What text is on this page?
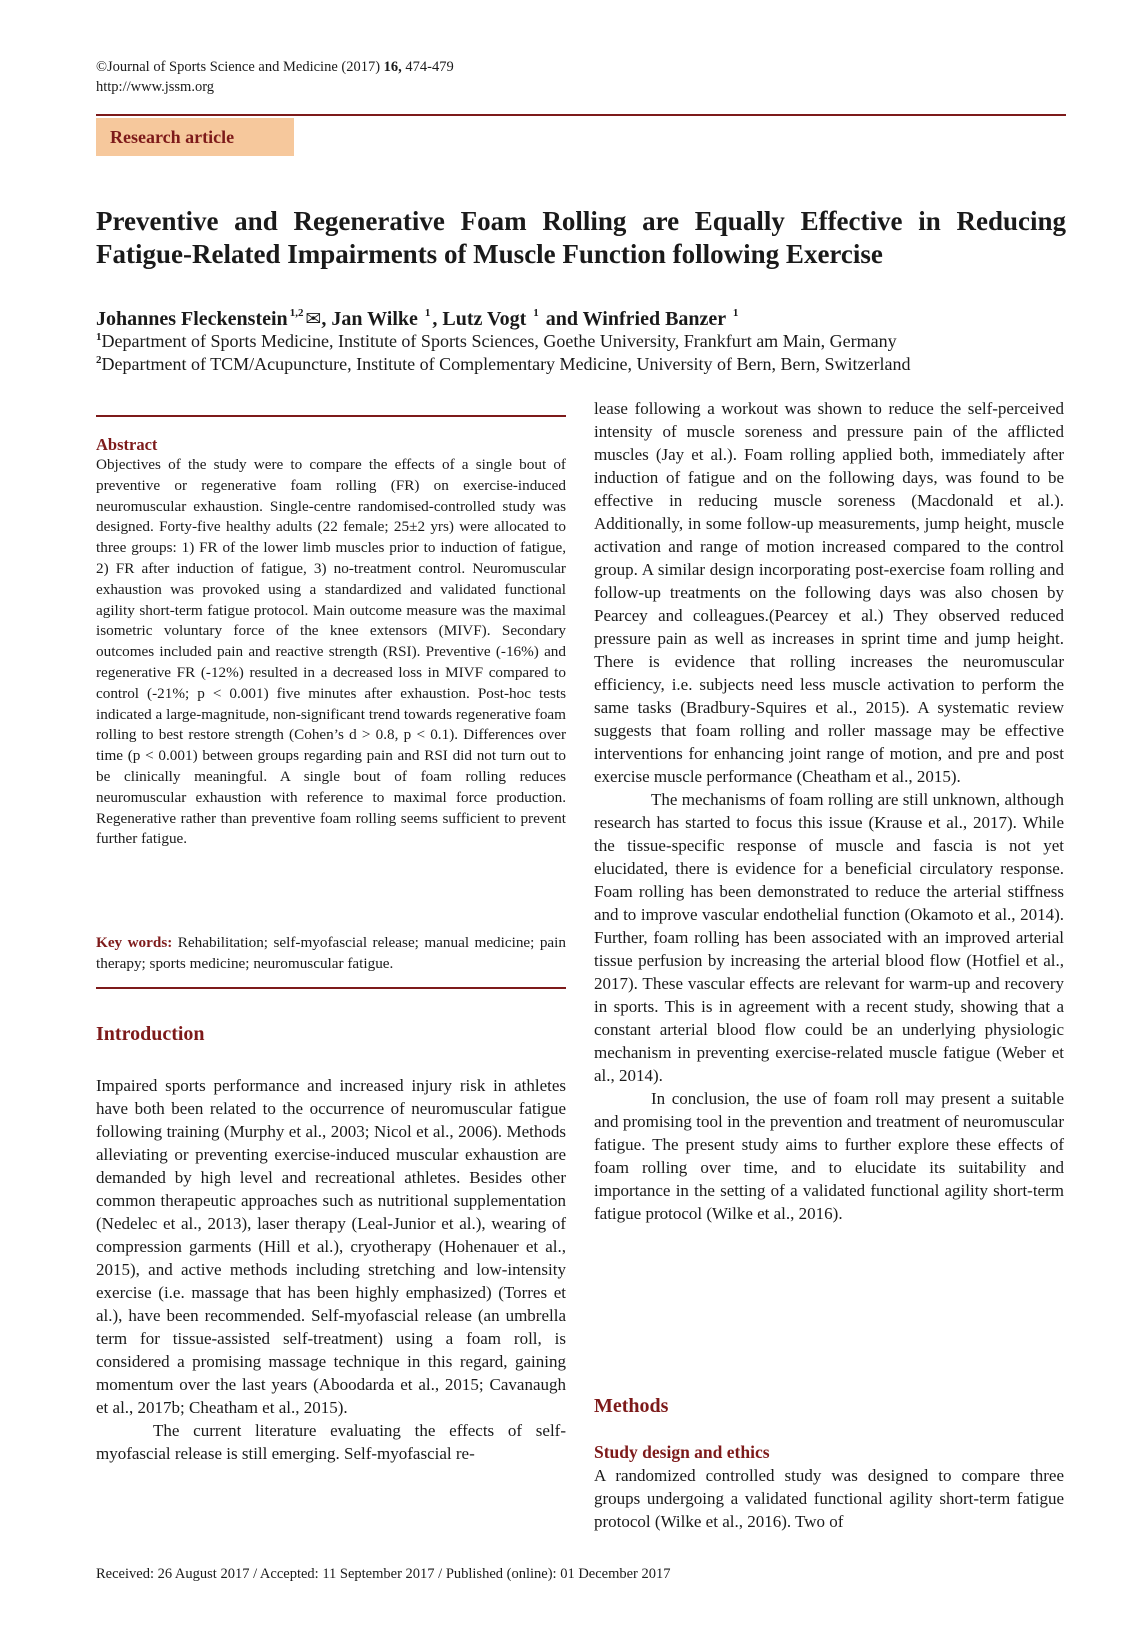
©Journal of Sports Science and Medicine (2017) 16, 474-479
http://www.jssm.org
Research article
Preventive and Regenerative Foam Rolling are Equally Effective in Reducing Fatigue-Related Impairments of Muscle Function following Exercise
Johannes Fleckenstein $^{1,2}$ ✉, Jan Wilke $^1$ , Lutz Vogt $^1$ and Winfried Banzer $^1$
$^1$Department of Sports Medicine, Institute of Sports Sciences, Goethe University, Frankfurt am Main, Germany
$^2$Department of TCM/Acupuncture, Institute of Complementary Medicine, University of Bern, Bern, Switzerland
Abstract
Objectives of the study were to compare the effects of a single bout of preventive or regenerative foam rolling (FR) on exercise-induced neuromuscular exhaustion. Single-centre randomised-controlled study was designed. Forty-five healthy adults (22 female; 25±2 yrs) were allocated to three groups: 1) FR of the lower limb muscles prior to induction of fatigue, 2) FR after induction of fatigue, 3) no-treatment control. Neuromuscular exhaustion was provoked using a standardized and validated functional agility short-term fatigue protocol. Main outcome measure was the maximal isometric voluntary force of the knee extensors (MIVF). Secondary outcomes included pain and reactive strength (RSI). Preventive (-16%) and regenerative FR (-12%) resulted in a decreased loss in MIVF compared to control (-21%; p < 0.001) five minutes after exhaustion. Post-hoc tests indicated a large-magnitude, non-significant trend towards regenerative foam rolling to best restore strength (Cohen’s d > 0.8, p < 0.1). Differences over time (p < 0.001) between groups regarding pain and RSI did not turn out to be clinically meaningful. A single bout of foam rolling reduces neuromuscular exhaustion with reference to maximal force production. Regenerative rather than preventive foam rolling seems sufficient to prevent further fatigue.
Key words: Rehabilitation; self-myofascial release; manual medicine; pain therapy; sports medicine; neuromuscular fatigue.
Introduction

Impaired sports performance and increased injury risk in athletes have both been related to the occurrence of neuromuscular fatigue following training (Murphy et al., 2003; Nicol et al., 2006). Methods alleviating or preventing exercise-induced muscular exhaustion are demanded by high level and recreational athletes. Besides other common therapeutic approaches such as nutritional supplementation (Nedelec et al., 2013), laser therapy (Leal-Junior et al.), wearing of compression garments (Hill et al.), cryotherapy (Hohenauer et al., 2015), and active methods including stretching and low-intensity exercise (i.e. massage that has been highly emphasized) (Torres et al.), have been recommended. Self-myofascial release (an umbrella term for tissue-assisted self-treatment) using a foam roll, is considered a promising massage technique in this regard, gaining momentum over the last years (Aboodarda et al., 2015; Cavanaugh et al., 2017b; Cheatham et al., 2015).

The current literature evaluating the effects of self-myofascial release is still emerging. Self-myofascial re-

lease following a workout was shown to reduce the self-perceived intensity of muscle soreness and pressure pain of the afflicted muscles (Jay et al.). Foam rolling applied both, immediately after induction of fatigue and on the following days, was found to be effective in reducing muscle soreness (Macdonald et al.). Additionally, in some follow-up measurements, jump height, muscle activation and range of motion increased compared to the control group. A similar design incorporating post-exercise foam rolling and follow-up treatments on the following days was also chosen by Pearcey and colleagues.(Pearcey et al.) They observed reduced pressure pain as well as increases in sprint time and jump height. There is evidence that rolling increases the neuromuscular efficiency, i.e. subjects need less muscle activation to perform the same tasks (Bradbury-Squires et al., 2015). A systematic review suggests that foam rolling and roller massage may be effective interventions for enhancing joint range of motion, and pre and post exercise muscle performance (Cheatham et al., 2015).

The mechanisms of foam rolling are still unknown, although research has started to focus this issue (Krause et al., 2017). While the tissue-specific response of muscle and fascia is not yet elucidated, there is evidence for a beneficial circulatory response. Foam rolling has been demonstrated to reduce the arterial stiffness and to improve vascular endothelial function (Okamoto et al., 2014). Further, foam rolling has been associated with an improved arterial tissue perfusion by increasing the arterial blood flow (Hotfiel et al., 2017). These vascular effects are relevant for warm-up and recovery in sports. This is in agreement with a recent study, showing that a constant arterial blood flow could be an underlying physiologic mechanism in preventing exercise-related muscle fatigue (Weber et al., 2014).

In conclusion, the use of foam roll may present a suitable and promising tool in the prevention and treatment of neuromuscular fatigue. The present study aims to further explore these effects of foam rolling over time, and to elucidate its suitability and importance in the setting of a validated functional agility short-term fatigue protocol (Wilke et al., 2016).

Methods
Study design and ethics

A randomized controlled study was designed to compare three groups undergoing a validated functional agility short-term fatigue protocol (Wilke et al., 2016). Two of

Received: 26 August 2017 / Accepted: 11 September 2017 / Published (online): 01 December 2017
